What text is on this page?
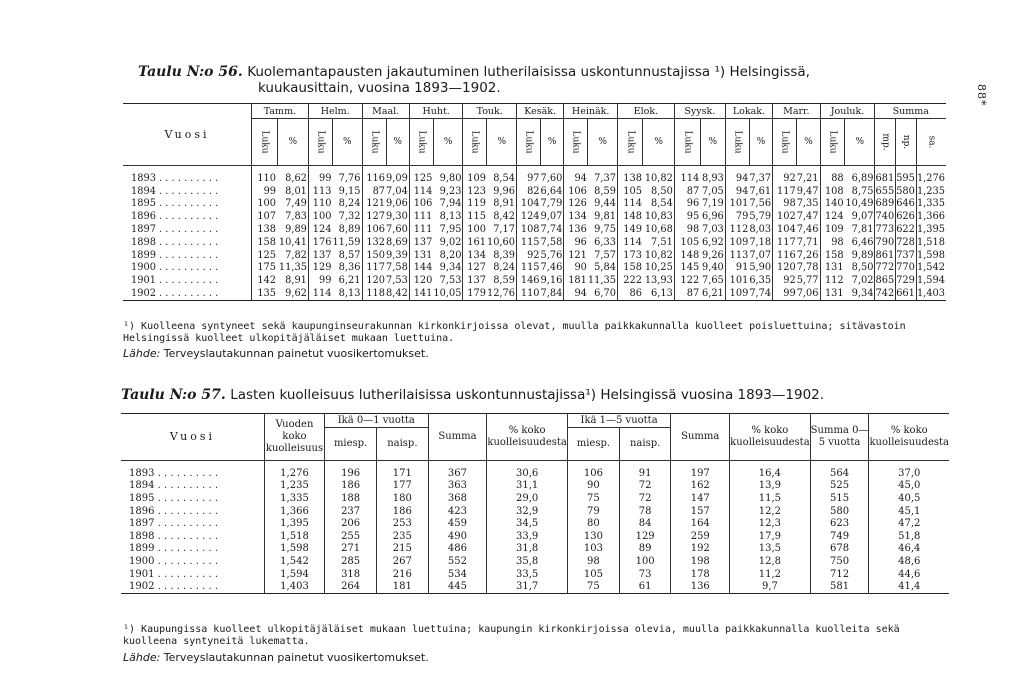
88*
Taulu N:o 56. Kuolemantapausten jakautuminen lutherilaisissa uskontunnustajissa ¹) Helsingissä,
kuukausittain, vuosina 1893—1902.
Vuosi	Tamm.		Helm.		Maal.		Huht.		Touk.		Kesäk.		Heinäk.		Elok.		Syysk.		Lokak.		Marr.		Jouluk.		Summa		
	Luku	%	Luku	%	Luku	%	Luku	%	Luku	%	Luku	%	Luku	%	Luku	%	Luku	%	Luku	%	Luku	%	Luku	%	mp.	np.	sa.
1893 . . . . . . . . . .	110	8,62	99	7,76	116	9,09	125	9,80	109	8,54	97	7,60	94	7,37	138	10,82	114	8,93	94	7,37	92	7,21	88	6,89	681	595	1,276
1894 . . . . . . . . . .	99	8,01	113	9,15	87	7,04	114	9,23	123	9,96	82	6,64	106	8,59	105	8,50	87	7,05	94	7,61	117	9,47	108	8,75	655	580	1,235
1895 . . . . . . . . . .	100	7,49	110	8,24	121	9,06	106	7,94	119	8,91	104	7,79	126	9,44	114	8,54	96	7,19	101	7,56	98	7,35	140	10,49	689	646	1,335
1896 . . . . . . . . . .	107	7,83	100	7,32	127	9,30	111	8,13	115	8,42	124	9,07	134	9,81	148	10,83	95	6,96	79	5,79	102	7,47	124	9,07	740	626	1,366
1897 . . . . . . . . . .	138	9,89	124	8,89	106	7,60	111	7,95	100	7,17	108	7,74	136	9,75	149	10,68	98	7,03	112	8,03	104	7,46	109	7,81	773	622	1,395
1898 . . . . . . . . . .	158	10,41	176	11,59	132	8,69	137	9,02	161	10,60	115	7,58	96	6,33	114	7,51	105	6,92	109	7,18	117	7,71	98	6,46	790	728	1,518
1899 . . . . . . . . . .	125	7,82	137	8,57	150	9,39	131	8,20	134	8,39	92	5,76	121	7,57	173	10,82	148	9,26	113	7,07	116	7,26	158	9,89	861	737	1,598
1900 . . . . . . . . . .	175	11,35	129	8,36	117	7,58	144	9,34	127	8,24	115	7,46	90	5,84	158	10,25	145	9,40	91	5,90	120	7,78	131	8,50	772	770	1,542
1901 . . . . . . . . . .	142	8,91	99	6,21	120	7,53	120	7,53	137	8,59	146	9,16	181	11,35	222	13,93	122	7,65	101	6,35	92	5,77	112	7,02	865	729	1,594
1902 . . . . . . . . . .	135	9,62	114	8,13	118	8,42	141	10,05	179	12,76	110	7,84	94	6,70	86	6,13	87	6,21	109	7,74	99	7,06	131	9,34	742	661	1,403
¹) Kuolleena syntyneet sekä kaupunginseurakunnan kirkonkirjoissa olevat, muulla paikkakunnalla kuolleet poisluettuina; sitävastoin Helsingissä kuolleet ulkopitäjäläiset mukaan luettuina.
Lähde: Terveyslautakunnan painetut vuosikertomukset.
Taulu N:o 57. Lasten kuolleisuus lutherilaisissa uskontunnustajissa¹) Helsingissä vuosina 1893—1902.
Vuosi	Vuoden koko kuolleisuus	Ikä 0—1 vuotta		Summa	% koko kuolleisuudesta	Ikä 1—5 vuotta		Summa	% koko kuolleisuudesta	Summa 0—5 vuotta	% koko kuolleisuudesta
		miesp.	naisp.			miesp.	naisp.				
1893 . . . . . . . . . .	1,276	196	171	367	30,6	106	91	197	16,4	564	37,0
1894 . . . . . . . . . .	1,235	186	177	363	31,1	90	72	162	13,9	525	45,0
1895 . . . . . . . . . .	1,335	188	180	368	29,0	75	72	147	11,5	515	40,5
1896 . . . . . . . . . .	1,366	237	186	423	32,9	79	78	157	12,2	580	45,1
1897 . . . . . . . . . .	1,395	206	253	459	34,5	80	84	164	12,3	623	47,2
1898 . . . . . . . . . .	1,518	255	235	490	33,9	130	129	259	17,9	749	51,8
1899 . . . . . . . . . .	1,598	271	215	486	31,8	103	89	192	13,5	678	46,4
1900 . . . . . . . . . .	1,542	285	267	552	35,8	98	100	198	12,8	750	48,6
1901 . . . . . . . . . .	1,594	318	216	534	33,5	105	73	178	11,2	712	44,6
1902 . . . . . . . . . .	1,403	264	181	445	31,7	75	61	136	9,7	581	41,4
¹) Kaupungissa kuolleet ulkopitäjäläiset mukaan luettuina; kaupungin kirkonkirjoissa olevia, muulla paikkakunnalla kuolleita sekä kuolleena syntyneitä lukematta.
Lähde: Terveyslautakunnan painetut vuosikertomukset.
